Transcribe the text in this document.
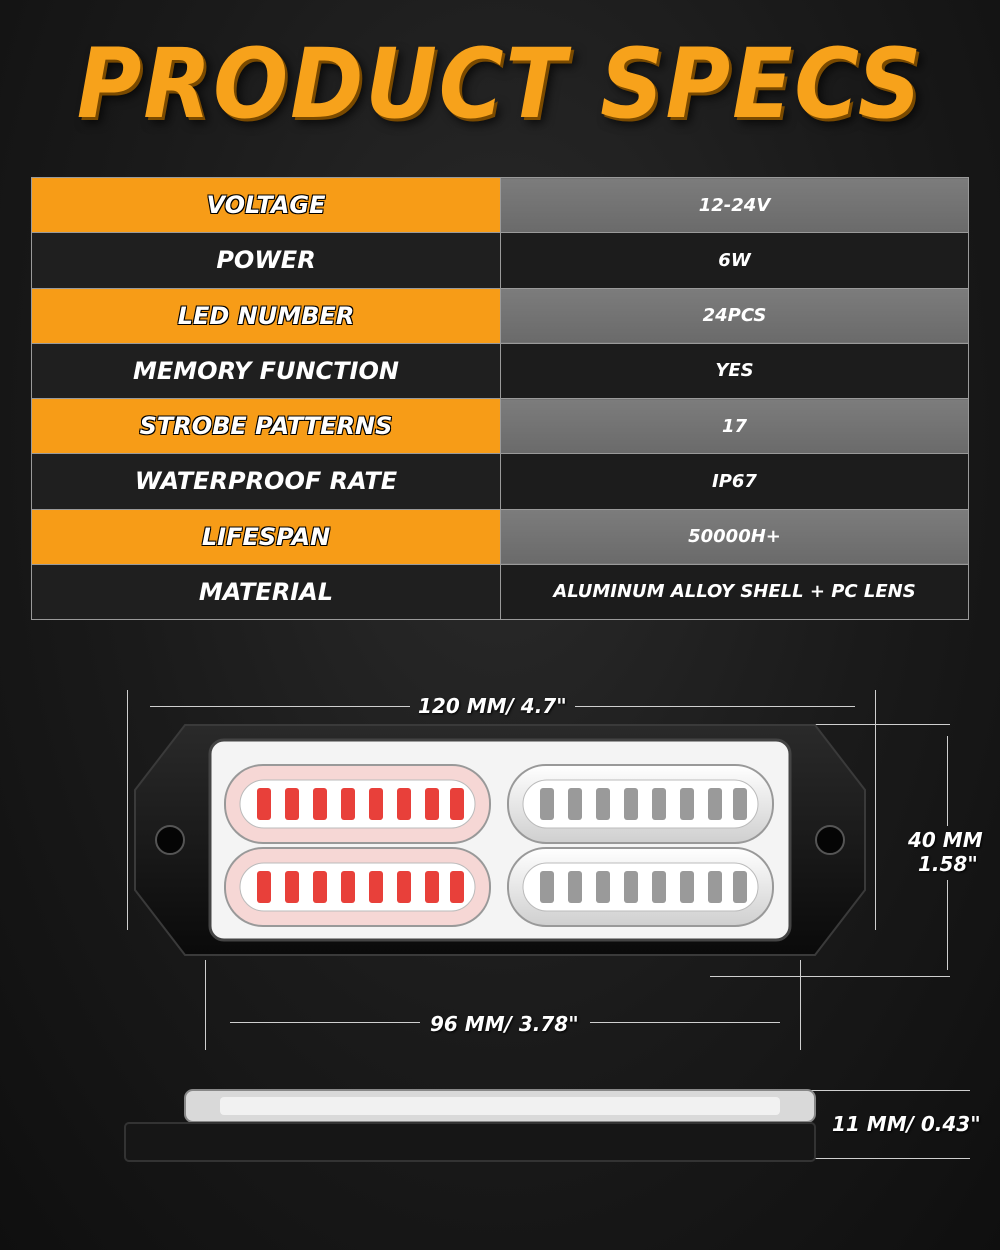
PRODUCT SPECS
VOLTAGE	12-24V
POWER	6W
LED NUMBER	24PCS
MEMORY FUNCTION	YES
STROBE PATTERNS	17
WATERPROOF RATE	IP67
LIFESPAN	50000H+
MATERIAL	ALUMINUM ALLOY SHELL + PC LENS
120 MM/ 4.7"
40 MM
1.58"
96 MM/ 3.78"
11 MM/ 0.43"
